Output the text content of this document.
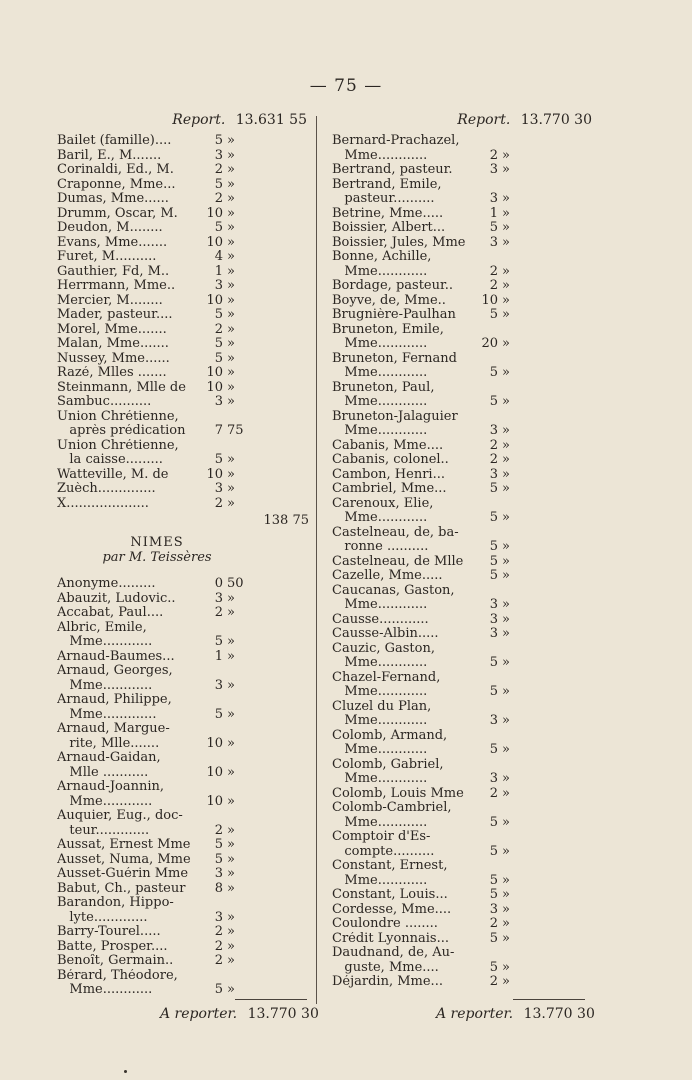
— 75 —
Report. 13.631 55
Bailet (famille)....	5 »
Baril, E., M.......	3 »
Corinaldi, Ed., M.	2 »
Craponne, Mme...	5 »
Dumas, Mme......	2 »
Drumm, Oscar, M.	10 »
Deudon, M........	5 »
Evans, Mme.......	10 »
Furet, M..........	4 »
Gauthier, Fd, M..	1 »
Herrmann, Mme..	3 »
Mercier, M........	10 »
Mader, pasteur....	5 »
Morel, Mme.......	2 »
Malan, Mme.......	5 »
Nussey, Mme......	5 »
Razé, Mlles .......	10 »
Steinmann, Mlle de	10 »
Sambuc..........	3 »
Union Chrétienne,
après prédication	7 75
Union Chrétienne,
la caisse.........	5 »
Watteville, M. de	10 »
Zuèch..............	3 »
X....................	2 »
138 75
NIMES
par M. Teissères
Anonyme.........	0 50
Abauzit, Ludovic..	3 »
Accabat, Paul....	2 »
Albric, Emile,
Mme............	5 »
Arnaud-Baumes...	1 »
Arnaud, Georges,
Mme............	3 »
Arnaud, Philippe,
Mme.............	5 »
Arnaud, Margue-
rite, Mlle.......	10 »
Arnaud-Gaidan,
Mlle ...........	10 »
Arnaud-Joannin,
Mme............	10 »
Auquier, Eug., doc-
teur.............	2 »
Aussat, Ernest Mme	5 »
Ausset, Numa, Mme	5 »
Ausset-Guérin Mme	3 »
Babut, Ch., pasteur	8 »
Barandon, Hippo-
lyte.............	3 »
Barry-Tourel.....	2 »
Batte, Prosper....	2 »
Benoît, Germain..	2 »
Bérard, Théodore,
Mme............	5 »
Report. 13.770 30
Bernard-Prachazel,
Mme............	2 »
Bertrand, pasteur.	3 »
Bertrand, Emile,
pasteur..........	3 »
Betrine, Mme.....	1 »
Boissier, Albert...	5 »
Boissier, Jules, Mme	3 »
Bonne, Achille,
Mme............	2 »
Bordage, pasteur..	2 »
Boyve, de, Mme..	10 »
Brugnière-Paulhan	5 »
Bruneton, Emile,
Mme............	20 »
Bruneton, Fernand
Mme............	5 »
Bruneton, Paul,
Mme............	5 »
Bruneton-Jalaguier
Mme............	3 »
Cabanis, Mme....	2 »
Cabanis, colonel..	2 »
Cambon, Henri...	3 »
Cambriel, Mme...	5 »
Carenoux, Elie,
Mme............	5 »
Castelneau, de, ba-
ronne ..........	5 »
Castelneau, de Mlle	5 »
Cazelle, Mme.....	5 »
Caucanas, Gaston,
Mme............	3 »
Causse............	3 »
Causse-Albin.....	3 »
Cauzic, Gaston,
Mme............	5 »
Chazel-Fernand,
Mme............	5 »
Cluzel du Plan,
Mme............	3 »
Colomb, Armand,
Mme............	5 »
Colomb, Gabriel,
Mme............	3 »
Colomb, Louis Mme	2 »
Colomb-Cambriel,
Mme............	5 »
Comptoir d'Es-
compte..........	5 »
Constant, Ernest,
Mme............	5 »
Constant, Louis...	5 »
Cordesse, Mme....	3 »
Coulondre ........	2 »
Crédit Lyonnais...	5 »
Daudnand, de, Au-
guste, Mme....	5 »
Déjardin, Mme...	2 »
A reporter. 13.770 30	A reporter. 13.770 30
